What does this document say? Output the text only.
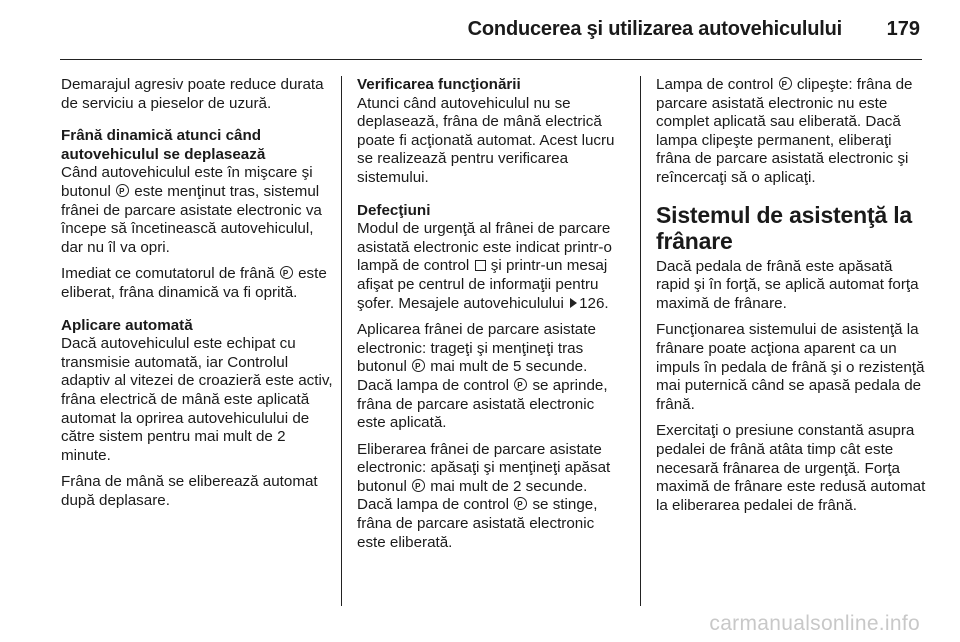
Conducerea şi utilizarea autovehiculului 179

Demarajul agresiv poate reduce durata de serviciu a pieselor de uzură.

Frână dinamică atunci când autovehiculul se deplasează

Când autovehiculul este în mişcare şi butonul P este menţinut tras, sistemul frânei de parcare asistate electronic va începe să încetinească autovehiculul, dar nu îl va opri.

Imediat ce comutatorul de frână P este eliberat, frâna dinamică va fi oprită.

Aplicare automată

Dacă autovehiculul este echipat cu transmisie automată, iar Controlul adaptiv al vitezei de croazieră este activ, frâna electrică de mână este aplicată automat la oprirea autovehiculului de către sistem pentru mai mult de 2 minute.

Frâna de mână se eliberează automat după deplasare.

Verificarea funcţionării

Atunci când autovehiculul nu se deplasează, frâna de mână electrică poate fi acţionată automat. Acest lucru se realizează pentru verificarea sistemului.

Defecţiuni

Modul de urgenţă al frânei de parcare asistată electronic este indicat printr-o lampă de control şi printr-un mesaj afişat pe centrul de informaţii pentru şofer. Mesajele autovehiculului 126.

Aplicarea frânei de parcare asistate electronic: trageţi şi menţineţi tras butonul P mai mult de 5 secunde. Dacă lampa de control P se aprinde, frâna de parcare asistată electronic este aplicată.

Eliberarea frânei de parcare asistate electronic: apăsaţi şi menţineţi apăsat butonul P mai mult de 2 secunde. Dacă lampa de control P se stinge, frâna de parcare asistată electronic este eliberată.

Lampa de control P clipeşte: frâna de parcare asistată electronic nu este complet aplicată sau eliberată. Dacă lampa clipeşte permanent, eliberaţi frâna de parcare asistată electronic şi reîncercaţi să o aplicaţi.

Sistemul de asistenţă la frânare

Dacă pedala de frână este apăsată rapid şi în forţă, se aplică automat forţa maximă de frânare.

Funcţionarea sistemului de asistenţă la frânare poate acţiona aparent ca un impuls în pedala de frână şi o rezistenţă mai puternică când se apasă pedala de frână.

Exercitaţi o presiune constantă asupra pedalei de frână atâta timp cât este necesară frânarea de urgenţă. Forţa maximă de frânare este redusă automat la eliberarea pedalei de frână.

carmanualsonline.info
